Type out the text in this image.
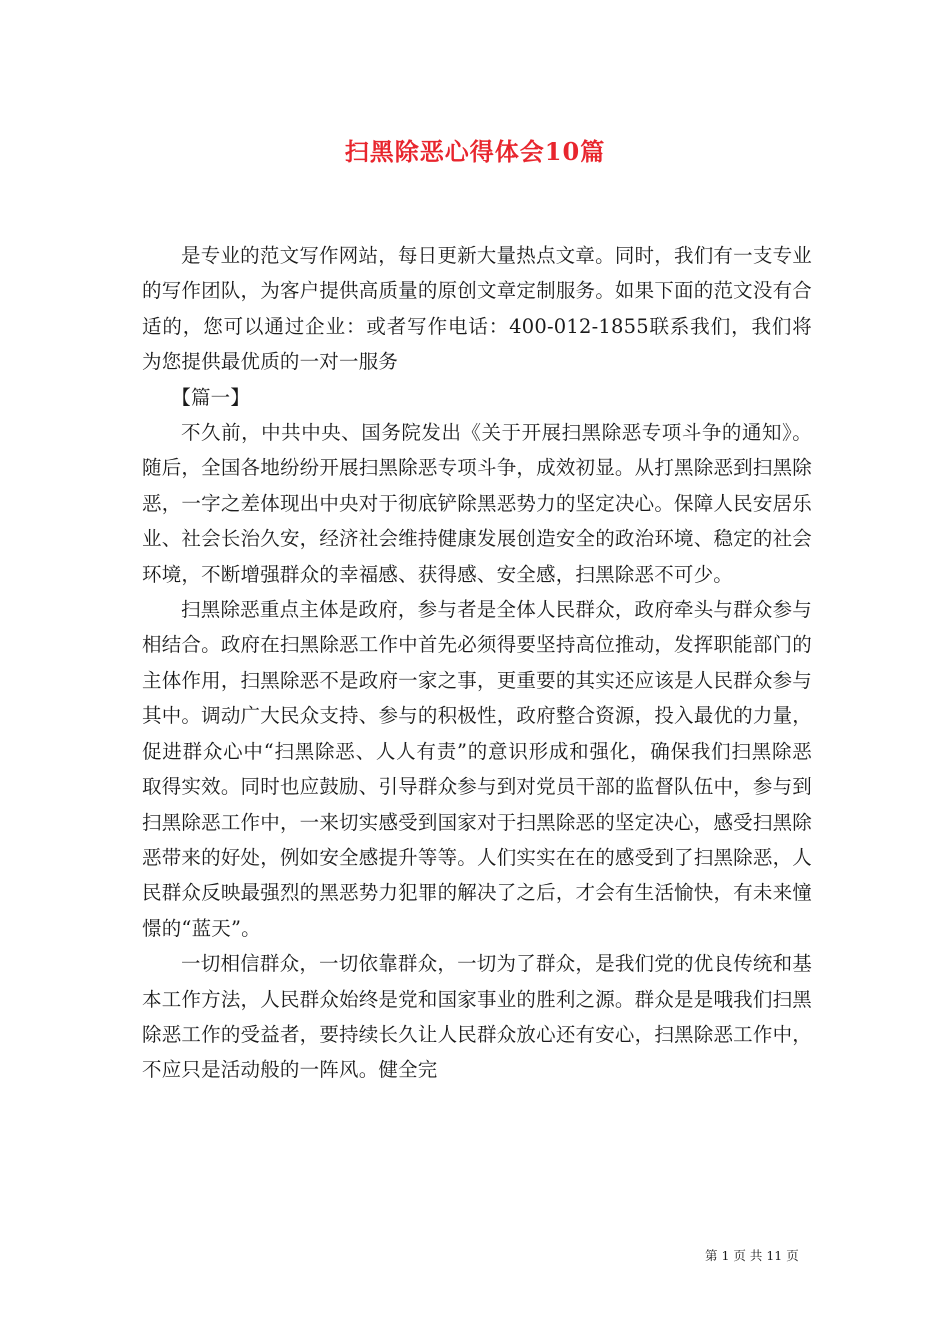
扫黑除恶心得体会10篇

是专业的范文写作网站，每日更新大量热点文章。同时，我们有一支专业的写作团队，为客户提供高质量的原创文章定制服务。如果下面的范文没有合适的，您可以通过企业：或者写作电话：400-012-1855联系我们，我们将为您提供最优质的一对一服务

【篇一】

不久前，中共中央、国务院发出《关于开展扫黑除恶专项斗争的通知》。随后，全国各地纷纷开展扫黑除恶专项斗争，成效初显。从打黑除恶到扫黑除恶，一字之差体现出中央对于彻底铲除黑恶势力的坚定决心。保障人民安居乐业、社会长治久安，经济社会维持健康发展创造安全的政治环境、稳定的社会环境，不断增强群众的幸福感、获得感、安全感，扫黑除恶不可少。

扫黑除恶重点主体是政府，参与者是全体人民群众，政府牵头与群众参与相结合。政府在扫黑除恶工作中首先必须得要坚持高位推动，发挥职能部门的主体作用，扫黑除恶不是政府一家之事，更重要的其实还应该是人民群众参与其中。调动广大民众支持、参与的积极性，政府整合资源，投入最优的力量，促进群众心中“扫黑除恶、人人有责”的意识形成和强化，确保我们扫黑除恶取得实效。同时也应鼓励、引导群众参与到对党员干部的监督队伍中，参与到扫黑除恶工作中，一来切实感受到国家对于扫黑除恶的坚定决心，感受扫黑除恶带来的好处，例如安全感提升等等。人们实实在在的感受到了扫黑除恶，人民群众反映最强烈的黑恶势力犯罪的解决了之后，才会有生活愉快，有未来憧憬的“蓝天”。

一切相信群众，一切依靠群众，一切为了群众，是我们党的优良传统和基本工作方法，人民群众始终是党和国家事业的胜利之源。群众是是哦我们扫黑除恶工作的受益者，要持续长久让人民群众放心还有安心，扫黑除恶工作中，不应只是活动般的一阵风。健全完

第 1 页 共 11 页
